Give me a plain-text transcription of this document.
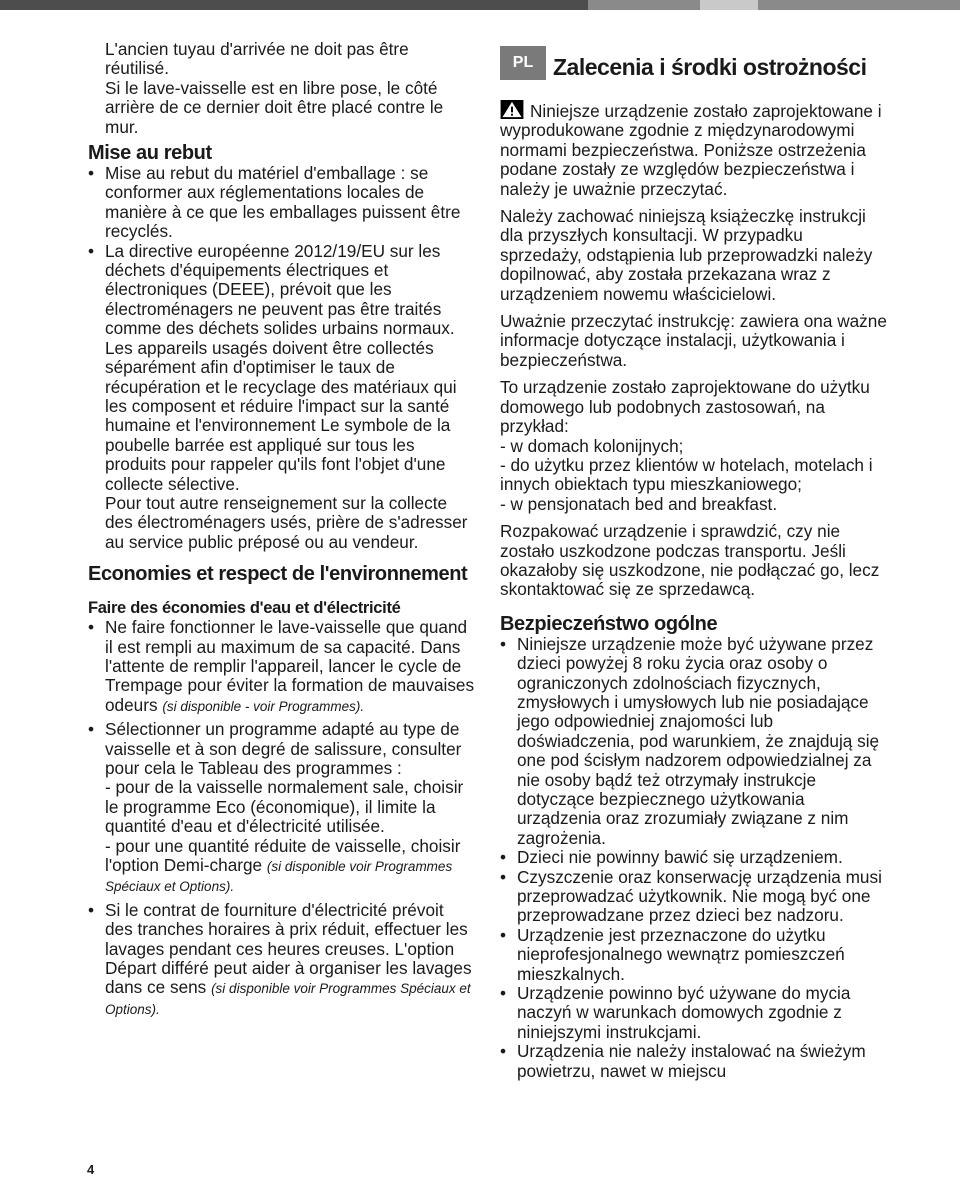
L'ancien tuyau d'arrivée ne doit pas être réutilisé.

Si le lave-vaisselle est en libre pose, le côté arrière de ce dernier doit être placé contre le mur.

Mise au rebut
• Mise au rebut du matériel d'emballage : se conformer aux réglementations locales de manière à ce que les emballages puissent être recyclés.
• La directive européenne 2012/19/EU sur les déchets d'équipements électriques et électroniques (DEEE), prévoit que les électroménagers ne peuvent pas être traités comme des déchets solides urbains normaux. Les appareils usagés doivent être collectés séparément afin d'optimiser le taux de récupération et le recyclage des matériaux qui les composent et réduire l'impact sur la santé humaine et l'environnement Le symbole de la poubelle barrée est appliqué sur tous les produits pour rappeler qu'ils font l'objet d'une collecte sélective.

Pour tout autre renseignement sur la collecte des électroménagers usés, prière de s'adresser au service public préposé ou au vendeur.

Economies et respect de l'environnement
Faire des économies d'eau et d'électricité
• Ne faire fonctionner le lave-vaisselle que quand il est rempli au maximum de sa capacité. Dans l'attente de remplir l'appareil, lancer le cycle de Trempage pour éviter la formation de mauvaises odeurs (si disponible - voir Programmes).
• Sélectionner un programme adapté au type de vaisselle et à son degré de salissure, consulter pour cela le Tableau des programmes :
- pour de la vaisselle normalement sale, choisir le programme Eco (économique), il limite la quantité d'eau et d'électricité utilisée.
- pour une quantité réduite de vaisselle, choisir l'option Demi-charge (si disponible voir Programmes Spéciaux et Options).
• Si le contrat de fourniture d'électricité prévoit des tranches horaires à prix réduit, effectuer les lavages pendant ces heures creuses. L'option Départ différé peut aider à organiser les lavages dans ce sens (si disponible voir Programmes Spéciaux et Options).
PL Zalecenia i środki ostrożności

Niniejsze urządzenie zostało zaprojektowane i wyprodukowane zgodnie z międzynarodowymi normami bezpieczeństwa. Poniższe ostrzeżenia podane zostały ze względów bezpieczeństwa i należy je uważnie przeczytać.

Należy zachować niniejszą książeczkę instrukcji dla przyszłych konsultacji. W przypadku sprzedaży, odstąpienia lub przeprowadzki należy dopilnować, aby została przekazana wraz z urządzeniem nowemu właścicielowi.

Uważnie przeczytać instrukcję: zawiera ona ważne informacje dotyczące instalacji, użytkowania i bezpieczeństwa.

To urządzenie zostało zaprojektowane do użytku domowego lub podobnych zastosowań, na przykład:

- w domach kolonijnych;

- do użytku przez klientów w hotelach, motelach i innych obiektach typu mieszkaniowego;

- w pensjonatach bed and breakfast.

Rozpakować urządzenie i sprawdzić, czy nie zostało uszkodzone podczas transportu. Jeśli okazałoby się uszkodzone, nie podłączać go, lecz skontaktować się ze sprzedawcą.

Bezpieczeństwo ogólne
• Niniejsze urządzenie może być używane przez dzieci powyżej 8 roku życia oraz osoby o ograniczonych zdolnościach fizycznych, zmysłowych i umysłowych lub nie posiadające jego odpowiedniej znajomości lub doświadczenia, pod warunkiem, że znajdują się one pod ścisłym nadzorem odpowiedzialnej za nie osoby bądź też otrzymały instrukcje dotyczące bezpiecznego użytkowania urządzenia oraz zrozumiały związane z nim zagrożenia.
• Dzieci nie powinny bawić się urządzeniem.
• Czyszczenie oraz konserwację urządzenia musi przeprowadzać użytkownik. Nie mogą być one przeprowadzane przez dzieci bez nadzoru.
• Urządzenie jest przeznaczone do użytku nieprofesjonalnego wewnątrz pomieszczeń mieszkalnych.
• Urządzenie powinno być używane do mycia naczyń w warunkach domowych zgodnie z niniejszymi instrukcjami.
• Urządzenia nie należy instalować na świeżym powietrzu, nawet w miejscu
4
